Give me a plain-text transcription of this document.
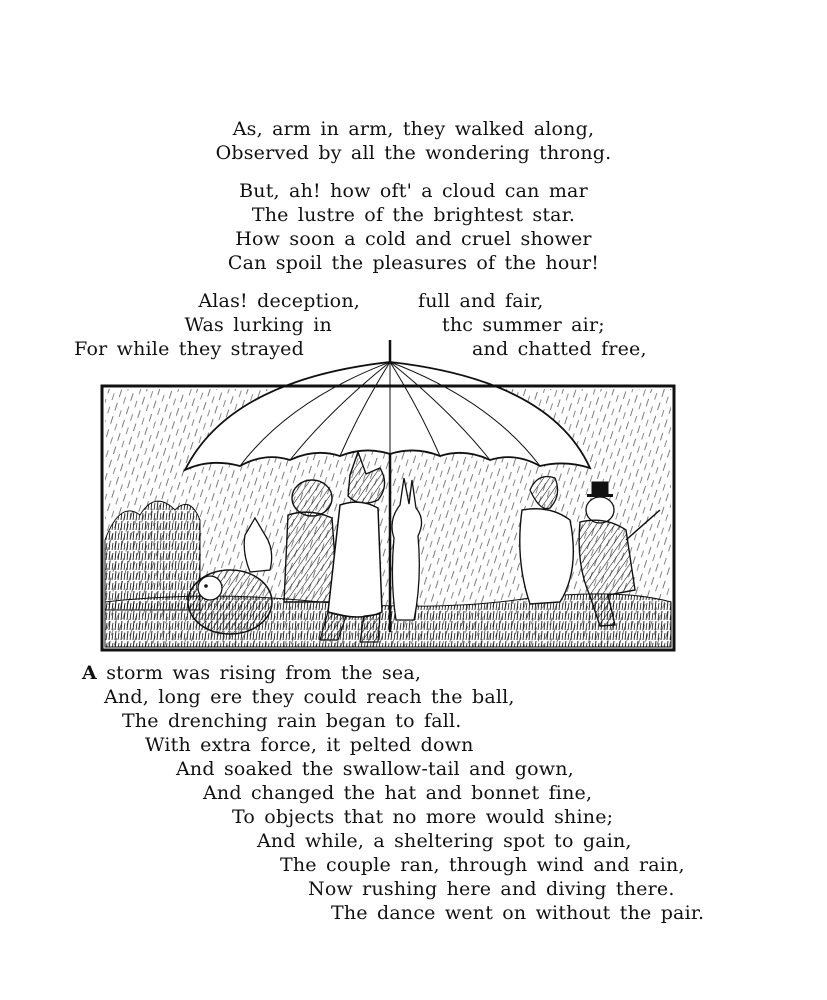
As, arm in arm, they walked along,
Observed by all the wondering throng.
But, ah! how oft' a cloud can mar
The lustre of the brightest star.
How soon a cold and cruel shower
Can spoil the pleasures of the hour!
Alas! deception,
Was lurking in
For while they strayed
full and fair,
thc summer air;
and chatted free,
A storm was rising from the sea,
And, long ere they could reach the ball,
The drenching rain began to fall.
With extra force, it pelted down
And soaked the swallow-tail and gown,
And changed the hat and bonnet fine,
To objects that no more would shine;
And while, a sheltering spot to gain,
The couple ran, through wind and rain,
Now rushing here and diving there.
The dance went on without the pair.
